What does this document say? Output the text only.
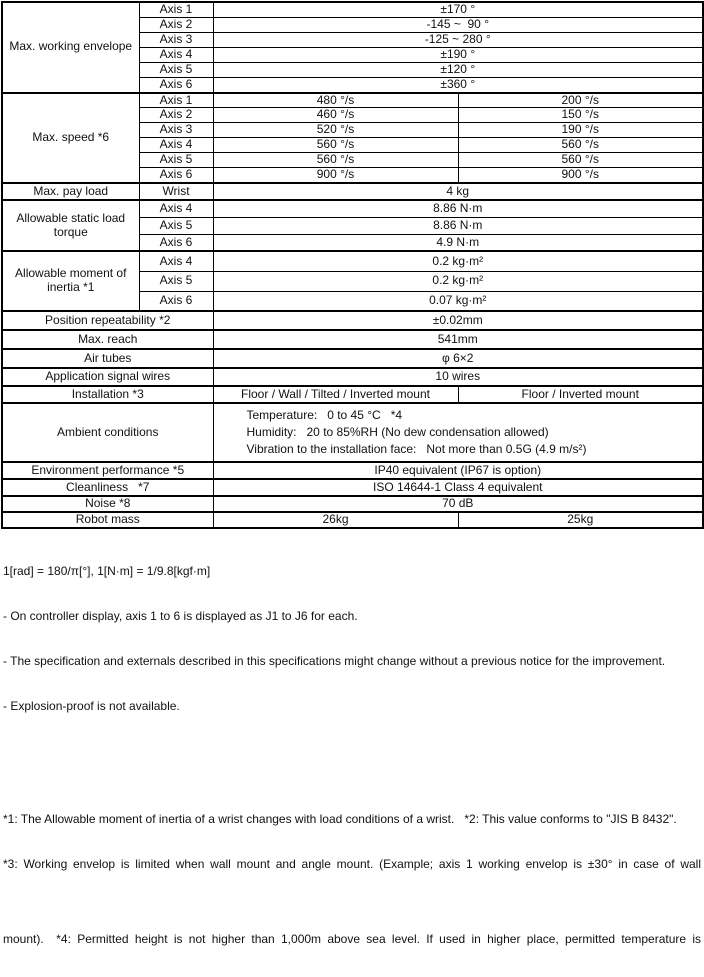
Max. working envelope	Axis 1	±170 °	
	Axis 2	-145 ~  90 °	
	Axis 3	-125 ~ 280 °	
	Axis 4	±190 °	
	Axis 5	±120 °	
	Axis 6	±360 °	
Max. speed *6	Axis 1	480 °/s	200 °/s
	Axis 2	460 °/s	150 °/s
	Axis 3	520 °/s	190 °/s
	Axis 4	560 °/s	560 °/s
	Axis 5	560 °/s	560 °/s
	Axis 6	900 °/s	900 °/s
Max. pay load	Wrist	4 kg	
Allowable static load torque	Axis 4	8.86 N·m	
	Axis 5	8.86 N·m	
	Axis 6	4.9 N·m	
Allowable moment of inertia *1	Axis 4	0.2 kg·m²	
	Axis 5	0.2 kg·m²	
	Axis 6	0.07 kg·m²	
Position repeatability *2		±0.02mm	
Max. reach		541mm	
Air tubes		φ 6×2	
Application signal wires		10 wires	
Installation *3		Floor / Wall / Tilted / Inverted mount	Floor / Inverted mount
Ambient conditions		Temperature:   0 to 45 °C   *4
Humidity:   20 to 85%RH (No dew condensation allowed)
Vibration to the installation face:   Not more than 0.5G (4.9 m/s²)	

Environment performance *5		IP40 equivalent (IP67 is option)	
Cleanliness   *7		ISO 14644-1 Class 4 equivalent	
Noise *8		70 dB	
Robot mass		26kg	25kg

1[rad] = 180/π[°], 1[N·m] = 1/9.8[kgf·m]

- On controller display, axis 1 to 6 is displayed as J1 to J6 for each.

- The specification and externals described in this specifications might change without a previous notice for the improvement.

- Explosion-proof is not available.

*1: The Allowable moment of inertia of a wrist changes with load conditions of a wrist.   *2: This value conforms to "JIS B 8432".

*3: Working envelop is limited when wall mount and angle mount. (Example; axis 1 working envelop is ±30° in case of wall

mount).  *4: Permitted height is not higher than 1,000m above sea level. If used in higher place, permitted temperature is
